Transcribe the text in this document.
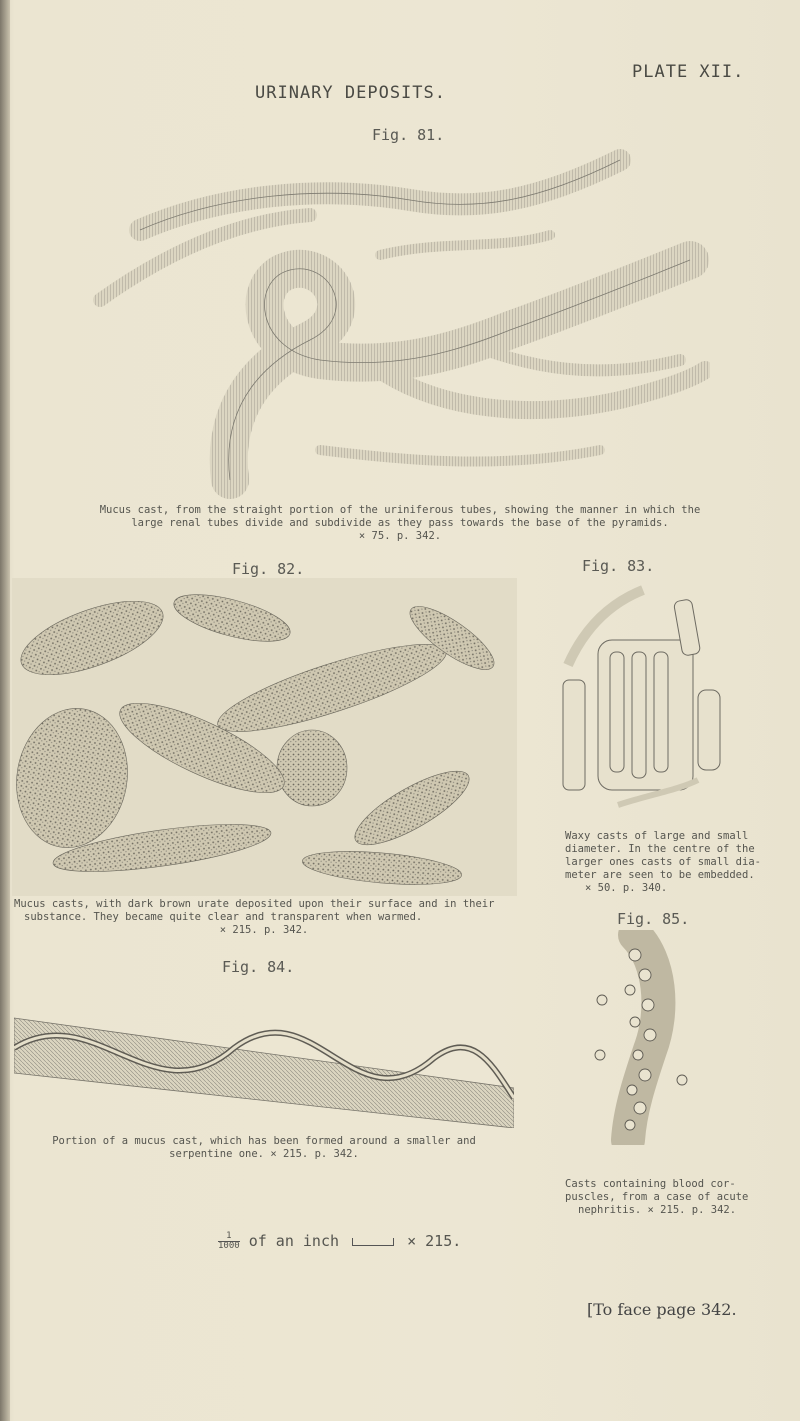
PLATE XII.
URINARY DEPOSITS.
Fig. 81.
Mucus cast, from the straight portion of the uriniferous tubes, showing the manner in which the
large renal tubes divide and subdivide as they pass towards the base of the pyramids.
× 75. p. 342.
Fig. 82.
Mucus casts, with dark brown urate deposited upon their surface and in their
substance. They became quite clear and transparent when warmed.
× 215. p. 342.
Fig. 83.
Waxy casts of large and small
diameter. In the centre of the
larger ones casts of small dia-
meter are seen to be embedded.
× 50. p. 340.
Fig. 84.
Portion of a mucus cast, which has been formed around a smaller and
serpentine one. × 215. p. 342.
Fig. 85.
Casts containing blood cor-
puscles, from a case of acute
nephritis. × 215. p. 342.
$\frac{1}{1000}$ of an inch	× 215.
[To face page 342.
